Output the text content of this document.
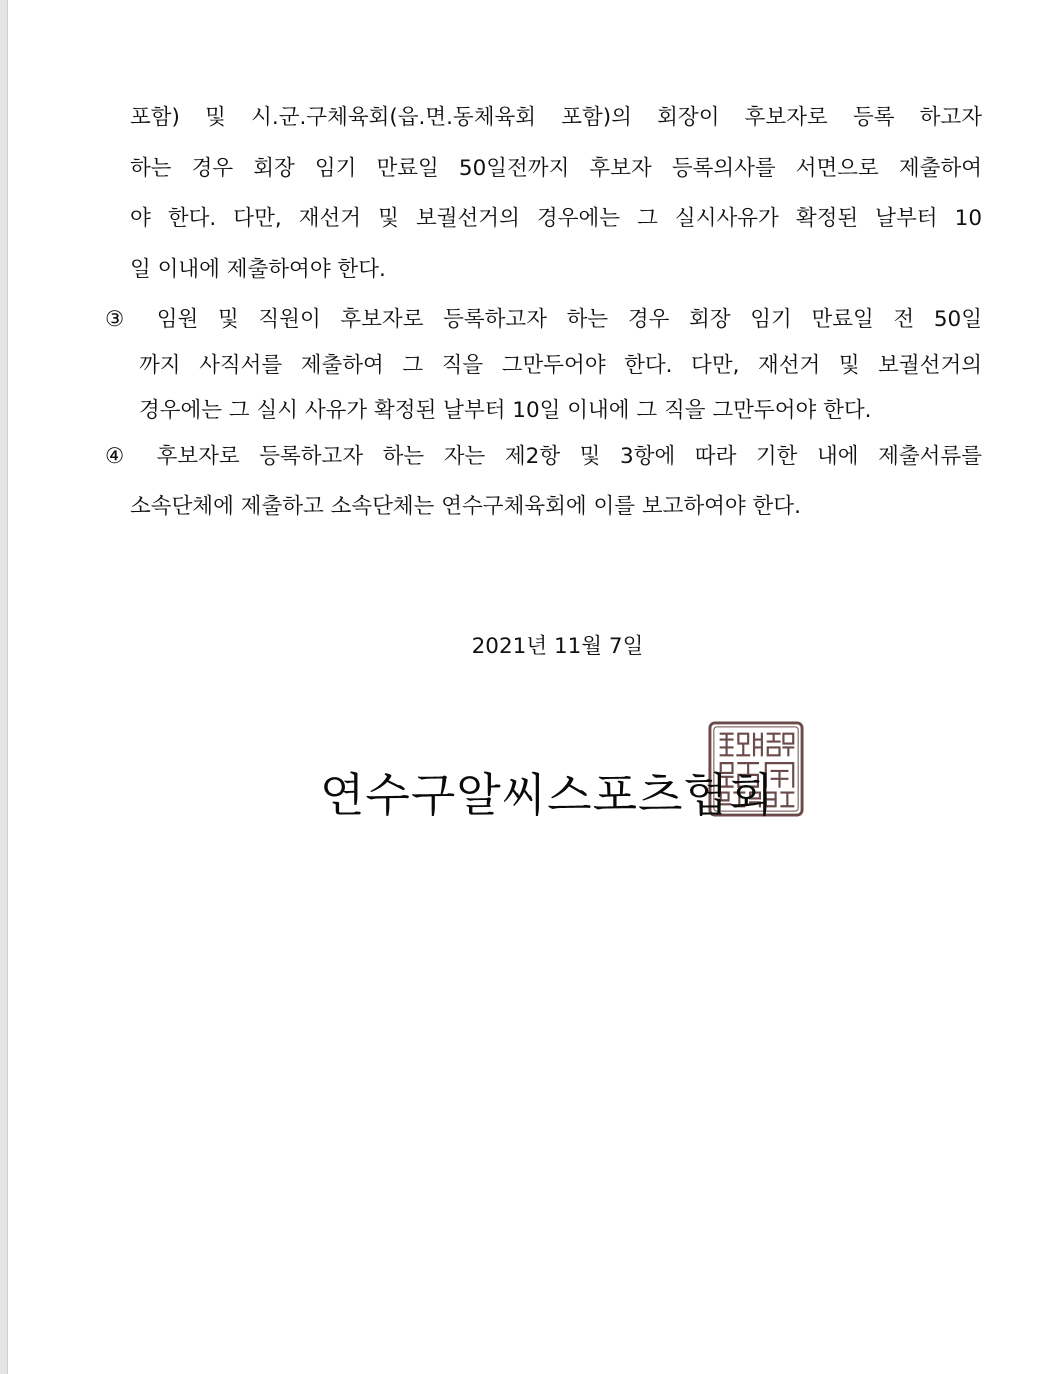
포함) 및 시.군.구체육회(읍.면.동체육회 포함)의 회장이 후보자로 등록 하고자
하는 경우 회장 임기 만료일 50일전까지 후보자 등록의사를 서면으로 제출하여
야 한다. 다만, 재선거 및 보궐선거의 경우에는 그 실시사유가 확정된 날부터 10
일 이내에 제출하여야 한다.
③ 임원 및 직원이 후보자로 등록하고자 하는 경우 회장 임기 만료일 전 50일
까지 사직서를 제출하여 그 직을 그만두어야 한다. 다만, 재선거 및 보궐선거의
경우에는 그 실시 사유가 확정된 날부터 10일 이내에 그 직을 그만두어야 한다.
④ 후보자로 등록하고자 하는 자는 제2항 및 3항에 따라 기한 내에 제출서류를
소속단체에 제출하고 소속단체는 연수구체육회에 이를 보고하여야 한다.
2021년 11월 7일
연수구알씨스포츠협회
